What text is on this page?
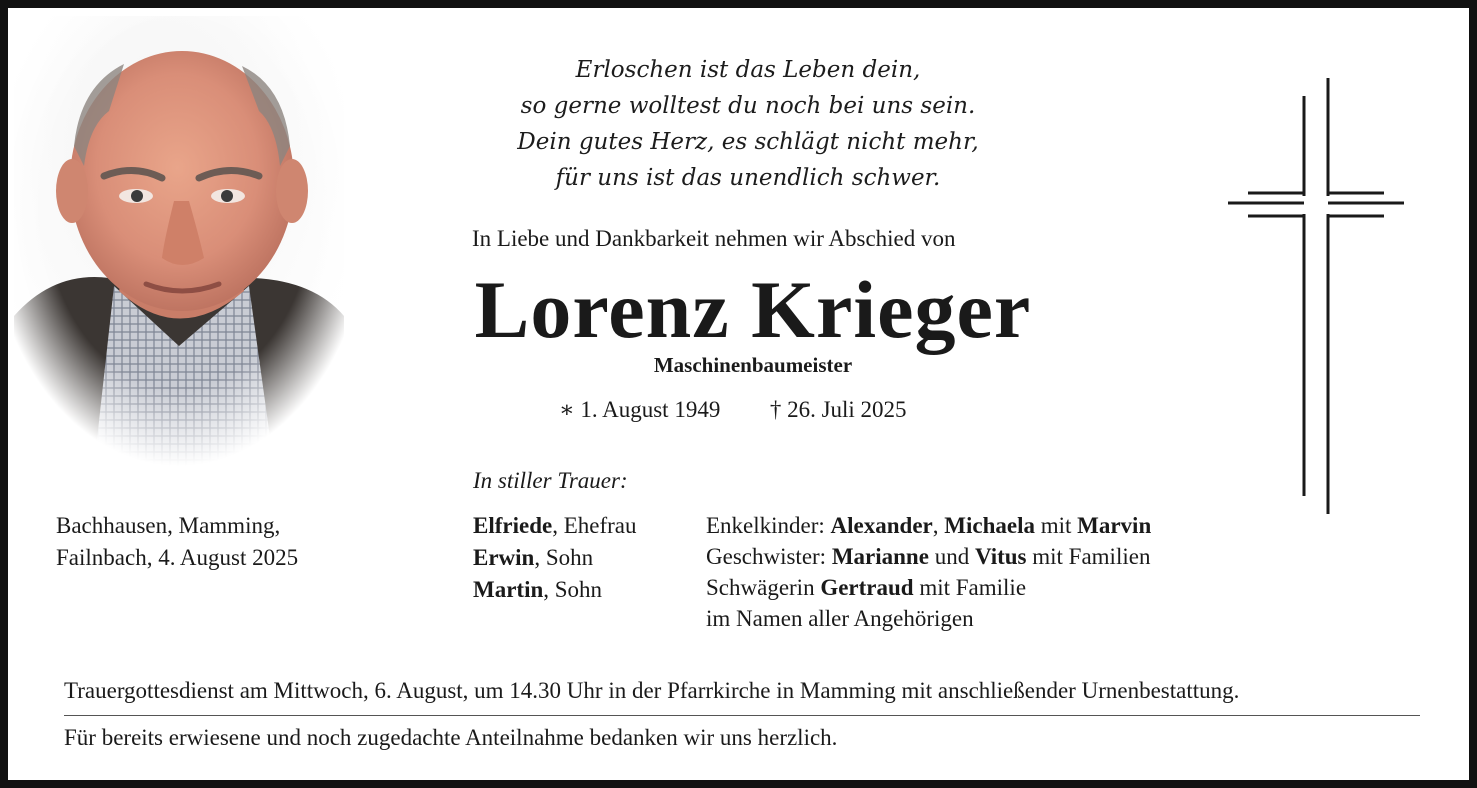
Erloschen ist das Leben dein,
so gerne wolltest du noch bei uns sein.
Dein gutes Herz, es schlägt nicht mehr,
für uns ist das unendlich schwer.
In Liebe und Dankbarkeit nehmen wir Abschied von
Lorenz Krieger
Maschinenbaumeister
∗ 1. August 1949 † 26. Juli 2025
In stiller Trauer:
Bachhausen, Mamming,
Failnbach, 4. August 2025
Elfriede, Ehefrau
Erwin, Sohn
Martin, Sohn
Enkelkinder: Alexander, Michaela mit Marvin
Geschwister: Marianne und Vitus mit Familien
Schwägerin Gertraud mit Familie
im Namen aller Angehörigen
Trauergottesdienst am Mittwoch, 6. August, um 14.30 Uhr in der Pfarrkirche in Mamming mit anschließender Urnenbestattung.
Für bereits erwiesene und noch zugedachte Anteilnahme bedanken wir uns herzlich.
